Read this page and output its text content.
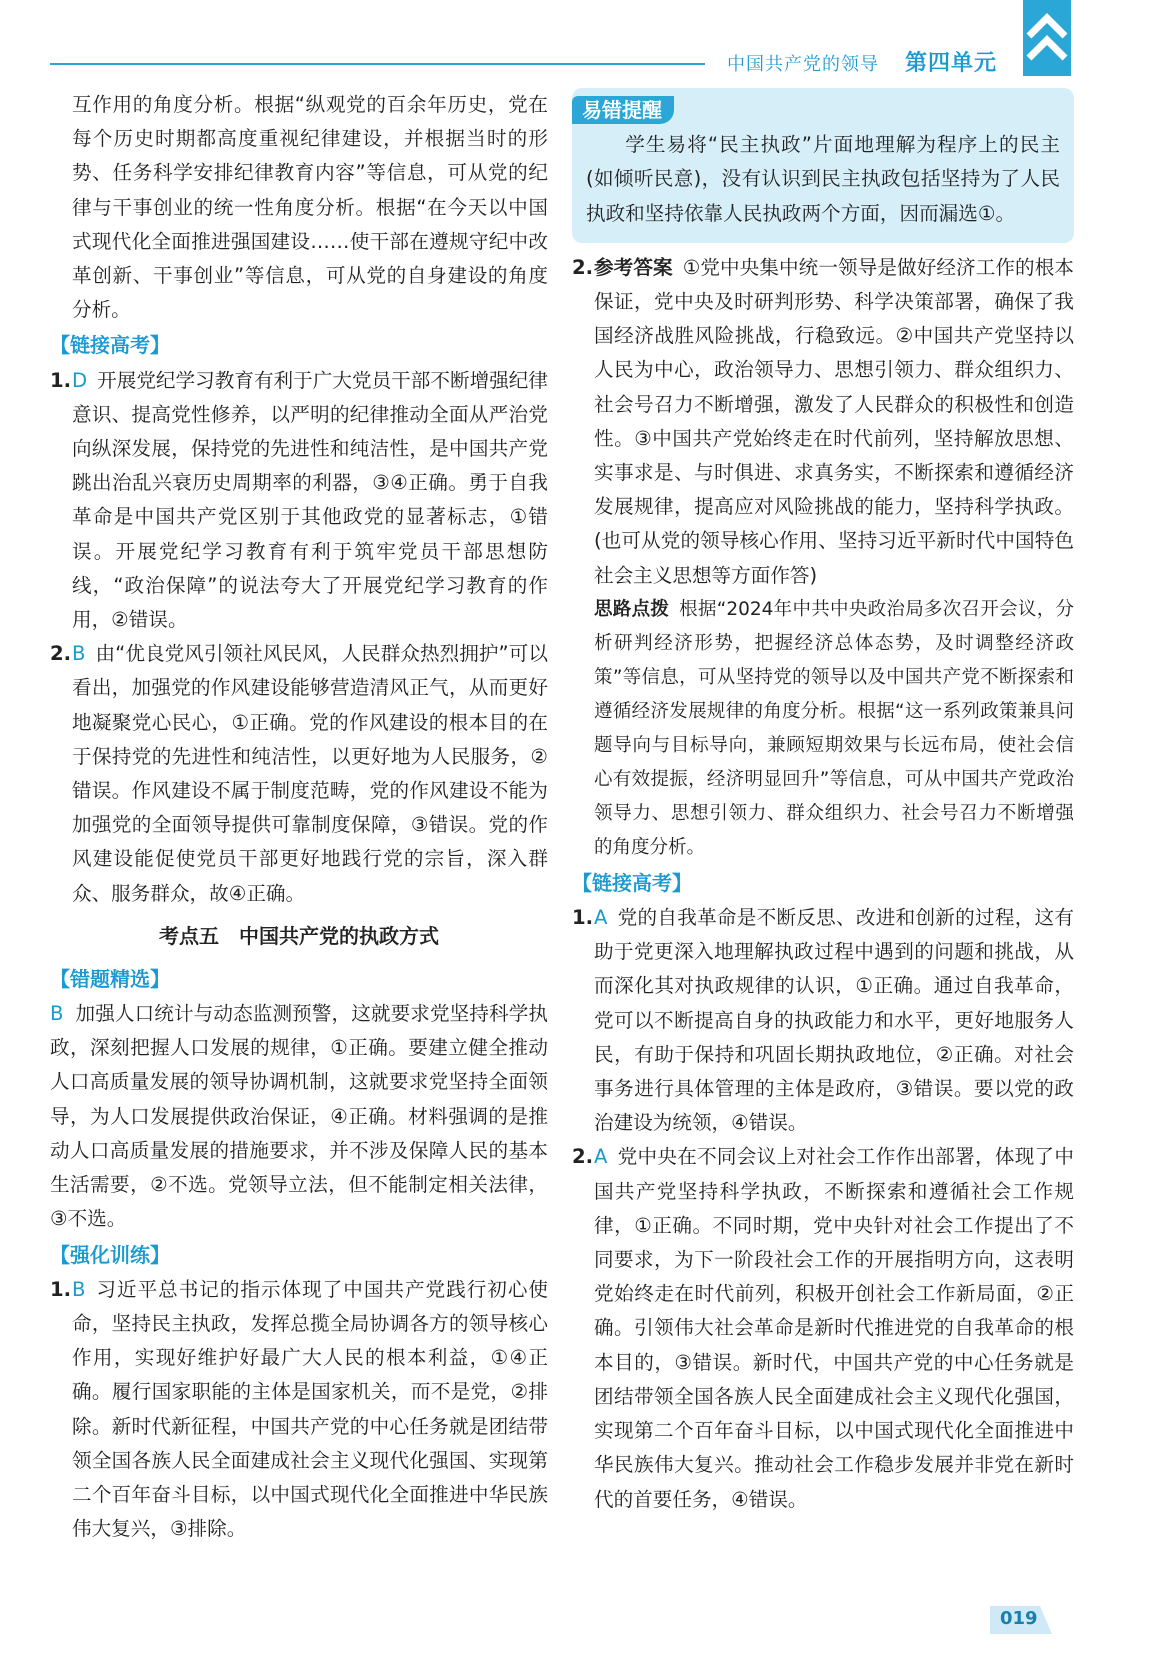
中国共产党的领导 第四单元

互作用的角度分析。根据“纵观党的百余年历史，党在每个历史时期都高度重视纪律建设，并根据当时的形势、任务科学安排纪律教育内容”等信息，可从党的纪律与干事创业的统一性角度分析。根据“在今天以中国式现代化全面推进强国建设……使干部在遵规守纪中改革创新、干事创业”等信息，可从党的自身建设的角度分析。

【链接高考】
1. D 开展党纪学习教育有利于广大党员干部不断增强纪律意识、提高党性修养，以严明的纪律推动全面从严治党向纵深发展，保持党的先进性和纯洁性，是中国共产党跳出治乱兴衰历史周期率的利器，③④正确。勇于自我革命是中国共产党区别于其他政党的显著标志，①错误。开展党纪学习教育有利于筑牢党员干部思想防线，“政治保障”的说法夸大了开展党纪学习教育的作用，②错误。
2. B 由“优良党风引领社风民风，人民群众热烈拥护”可以看出，加强党的作风建设能够营造清风正气，从而更好地凝聚党心民心，①正确。党的作风建设的根本目的在于保持党的先进性和纯洁性，以更好地为人民服务，②错误。作风建设不属于制度范畴，党的作风建设不能为加强党的全面领导提供可靠制度保障，③错误。党的作风建设能促使党员干部更好地践行党的宗旨，深入群众、服务群众，故④正确。
考点五 中国共产党的执政方式
【错题精选】

B 加强人口统计与动态监测预警，这就要求党坚持科学执政，深刻把握人口发展的规律，①正确。要建立健全推动人口高质量发展的领导协调机制，这就要求党坚持全面领导，为人口发展提供政治保证，④正确。材料强调的是推动人口高质量发展的措施要求，并不涉及保障人民的基本生活需要，②不选。党领导立法，但不能制定相关法律，③不选。

【强化训练】
1. B 习近平总书记的指示体现了中国共产党践行初心使命，坚持民主执政，发挥总揽全局协调各方的领导核心作用，实现好维护好最广大人民的根本利益，①④正确。履行国家职能的主体是国家机关，而不是党，②排除。新时代新征程，中国共产党的中心任务就是团结带领全国各族人民全面建成社会主义现代化强国、实现第二个百年奋斗目标，以中国式现代化全面推进中华民族伟大复兴，③排除。
易错提醒

学生易将“民主执政”片面地理解为程序上的民主(如倾听民意)，没有认识到民主执政包括坚持为了人民执政和坚持依靠人民执政两个方面，因而漏选①。

2. 参考答案 ①党中央集中统一领导是做好经济工作的根本保证，党中央及时研判形势、科学决策部署，确保了我国经济战胜风险挑战，行稳致远。②中国共产党坚持以人民为中心，政治领导力、思想引领力、群众组织力、社会号召力不断增强，激发了人民群众的积极性和创造性。③中国共产党始终走在时代前列，坚持解放思想、实事求是、与时俱进、求真务实，不断探索和遵循经济发展规律，提高应对风险挑战的能力，坚持科学执政。(也可从党的领导核心作用、坚持习近平新时代中国特色社会主义思想等方面作答)
思路点拨 根据“2024年中共中央政治局多次召开会议，分析研判经济形势，把握经济总体态势，及时调整经济政策”等信息，可从坚持党的领导以及中国共产党不断探索和遵循经济发展规律的角度分析。根据“这一系列政策兼具问题导向与目标导向，兼顾短期效果与长远布局，使社会信心有效提振，经济明显回升”等信息，可从中国共产党政治领导力、思想引领力、群众组织力、社会号召力不断增强的角度分析。
【链接高考】
1. A 党的自我革命是不断反思、改进和创新的过程，这有助于党更深入地理解执政过程中遇到的问题和挑战，从而深化其对执政规律的认识，①正确。通过自我革命，党可以不断提高自身的执政能力和水平，更好地服务人民，有助于保持和巩固长期执政地位，②正确。对社会事务进行具体管理的主体是政府，③错误。要以党的政治建设为统领，④错误。
2. A 党中央在不同会议上对社会工作作出部署，体现了中国共产党坚持科学执政，不断探索和遵循社会工作规律，①正确。不同时期，党中央针对社会工作提出了不同要求，为下一阶段社会工作的开展指明方向，这表明党始终走在时代前列，积极开创社会工作新局面，②正确。引领伟大社会革命是新时代推进党的自我革命的根本目的，③错误。新时代，中国共产党的中心任务就是团结带领全国各族人民全面建成社会主义现代化强国，实现第二个百年奋斗目标，以中国式现代化全面推进中华民族伟大复兴。推动社会工作稳步发展并非党在新时代的首要任务，④错误。
019
